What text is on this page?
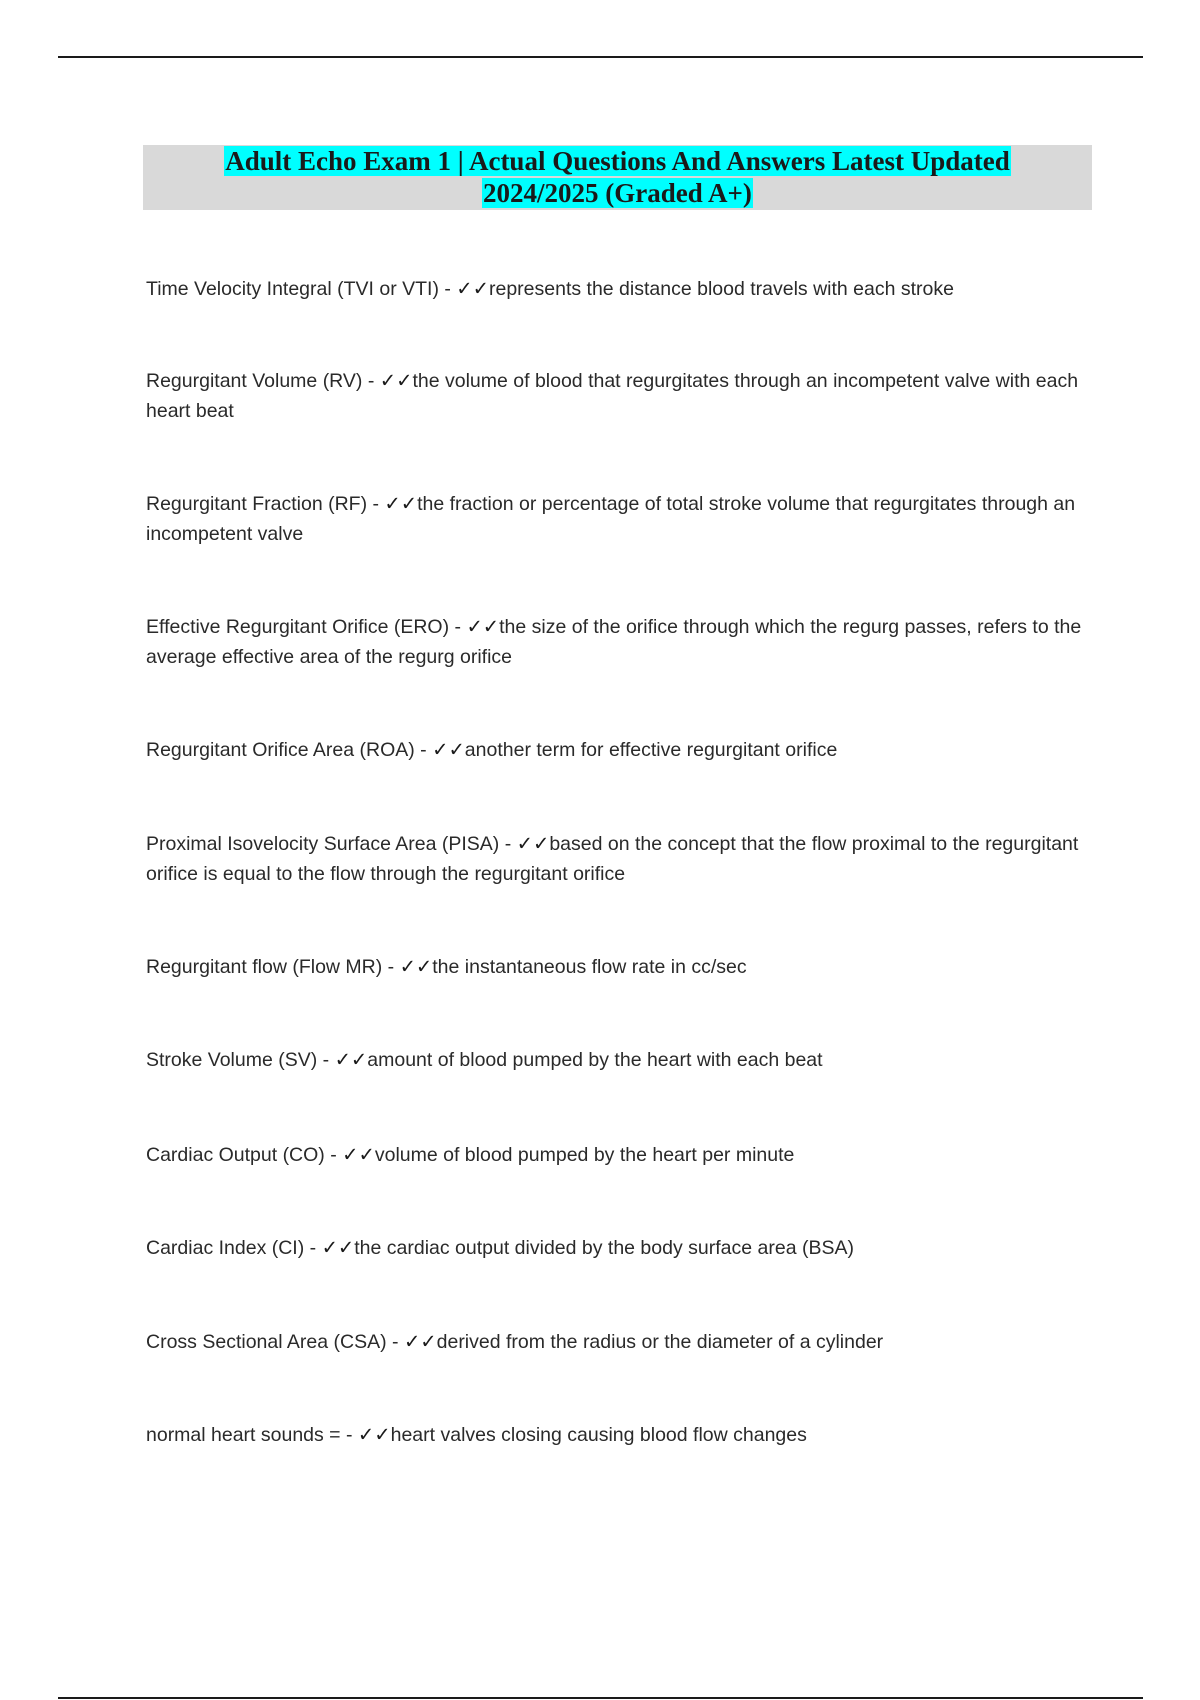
Adult Echo Exam 1 | Actual Questions And Answers Latest Updated
2024/2025 (Graded A+)

Time Velocity Integral (TVI or VTI) - ✓✓represents the distance blood travels with each stroke

Regurgitant Volume (RV) - ✓✓the volume of blood that regurgitates through an incompetent valve with each heart beat

Regurgitant Fraction (RF) - ✓✓the fraction or percentage of total stroke volume that regurgitates through an incompetent valve

Effective Regurgitant Orifice (ERO) - ✓✓the size of the orifice through which the regurg passes, refers to the average effective area of the regurg orifice

Regurgitant Orifice Area (ROA) - ✓✓another term for effective regurgitant orifice

Proximal Isovelocity Surface Area (PISA) - ✓✓based on the concept that the flow proximal to the regurgitant orifice is equal to the flow through the regurgitant orifice

Regurgitant flow (Flow MR) - ✓✓the instantaneous flow rate in cc/sec

Stroke Volume (SV) - ✓✓amount of blood pumped by the heart with each beat

Cardiac Output (CO) - ✓✓volume of blood pumped by the heart per minute

Cardiac Index (CI) - ✓✓the cardiac output divided by the body surface area (BSA)

Cross Sectional Area (CSA) - ✓✓derived from the radius or the diameter of a cylinder

normal heart sounds = - ✓✓heart valves closing causing blood flow changes
